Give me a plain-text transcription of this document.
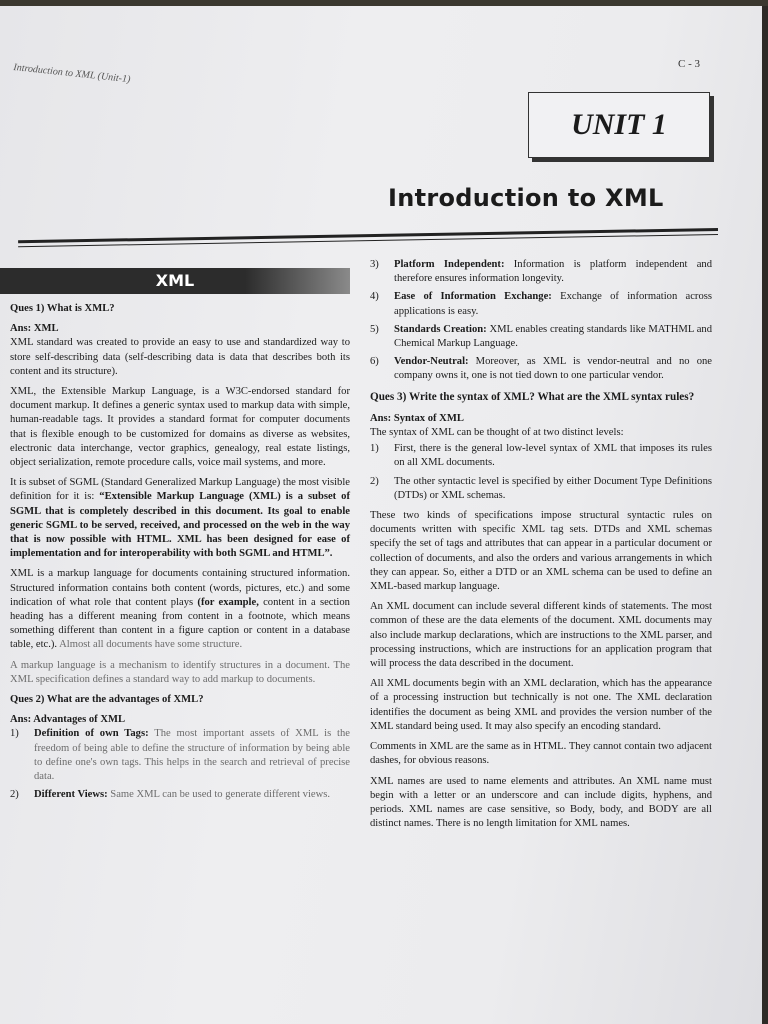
Introduction to XML (Unit-1)	C - 3
UNIT 1
Introduction to XML
XML
Ques 1) What is XML?
Ans: XML

XML standard was created to provide an easy to use and standardized way to store self-describing data (self-describing data is data that describes both its content and its structure).

XML, the Extensible Markup Language, is a W3C-endorsed standard for document markup. It defines a generic syntax used to markup data with simple, human-readable tags. It provides a standard format for computer documents that is flexible enough to be customized for domains as diverse as websites, electronic data interchange, vector graphics, genealogy, real estate listings, object serialization, remote procedure calls, voice mail systems, and more.

It is subset of SGML (Standard Generalized Markup Language) the most visible definition for it is: “Extensible Markup Language (XML) is a subset of SGML that is completely described in this document. Its goal to enable generic SGML to be served, received, and processed on the web in the way that is now possible with HTML. XML has been designed for ease of implementation and for interoperability with both SGML and HTML”.

XML is a markup language for documents containing structured information. Structured information contains both content (words, pictures, etc.) and some indication of what role that content plays (for example, content in a section heading has a different meaning from content in a footnote, which means something different than content in a figure caption or content in a database table, etc.). Almost all documents have some structure.

A markup language is a mechanism to identify structures in a document. The XML specification defines a standard way to add markup to documents.

Ques 2) What are the advantages of XML?
Ans: Advantages of XML
1)	Definition of own Tags: The most important assets of XML is the freedom of being able to define the structure of information by being able to define one's own tags. This helps in the search and retrieval of precise data.
2)	Different Views: Same XML can be used to generate different views.
3)	Platform Independent: Information is platform independent and therefore ensures information longevity.
4)	Ease of Information Exchange: Exchange of information across applications is easy.
5)	Standards Creation: XML enables creating standards like MATHML and Chemical Markup Language.
6)	Vendor-Neutral: Moreover, as XML is vendor-neutral and no one company owns it, one is not tied down to one particular vendor.
Ques 3) Write the syntax of XML? What are the XML syntax rules?
Ans: Syntax of XML

The syntax of XML can be thought of at two distinct levels:

1)	First, there is the general low-level syntax of XML that imposes its rules on all XML documents.
2)	The other syntactic level is specified by either Document Type Definitions (DTDs) or XML schemas.

These two kinds of specifications impose structural syntactic rules on documents written with specific XML tag sets. DTDs and XML schemas specify the set of tags and attributes that can appear in a particular document or collection of documents, and also the orders and various arrangements in which they can appear. So, either a DTD or an XML schema can be used to define an XML-based markup language.

An XML document can include several different kinds of statements. The most common of these are the data elements of the document. XML documents may also include markup declarations, which are instructions to the XML parser, and processing instructions, which are instructions for an application program that will process the data described in the document.

All XML documents begin with an XML declaration, which has the appearance of a processing instruction but technically is not one. The XML declaration identifies the document as being XML and provides the version number of the XML standard being used. It may also specify an encoding standard.

Comments in XML are the same as in HTML. They cannot contain two adjacent dashes, for obvious reasons.

XML names are used to name elements and attributes. An XML name must begin with a letter or an underscore and can include digits, hyphens, and periods. XML names are case sensitive, so Body, body, and BODY are all distinct names. There is no length limitation for XML names.
